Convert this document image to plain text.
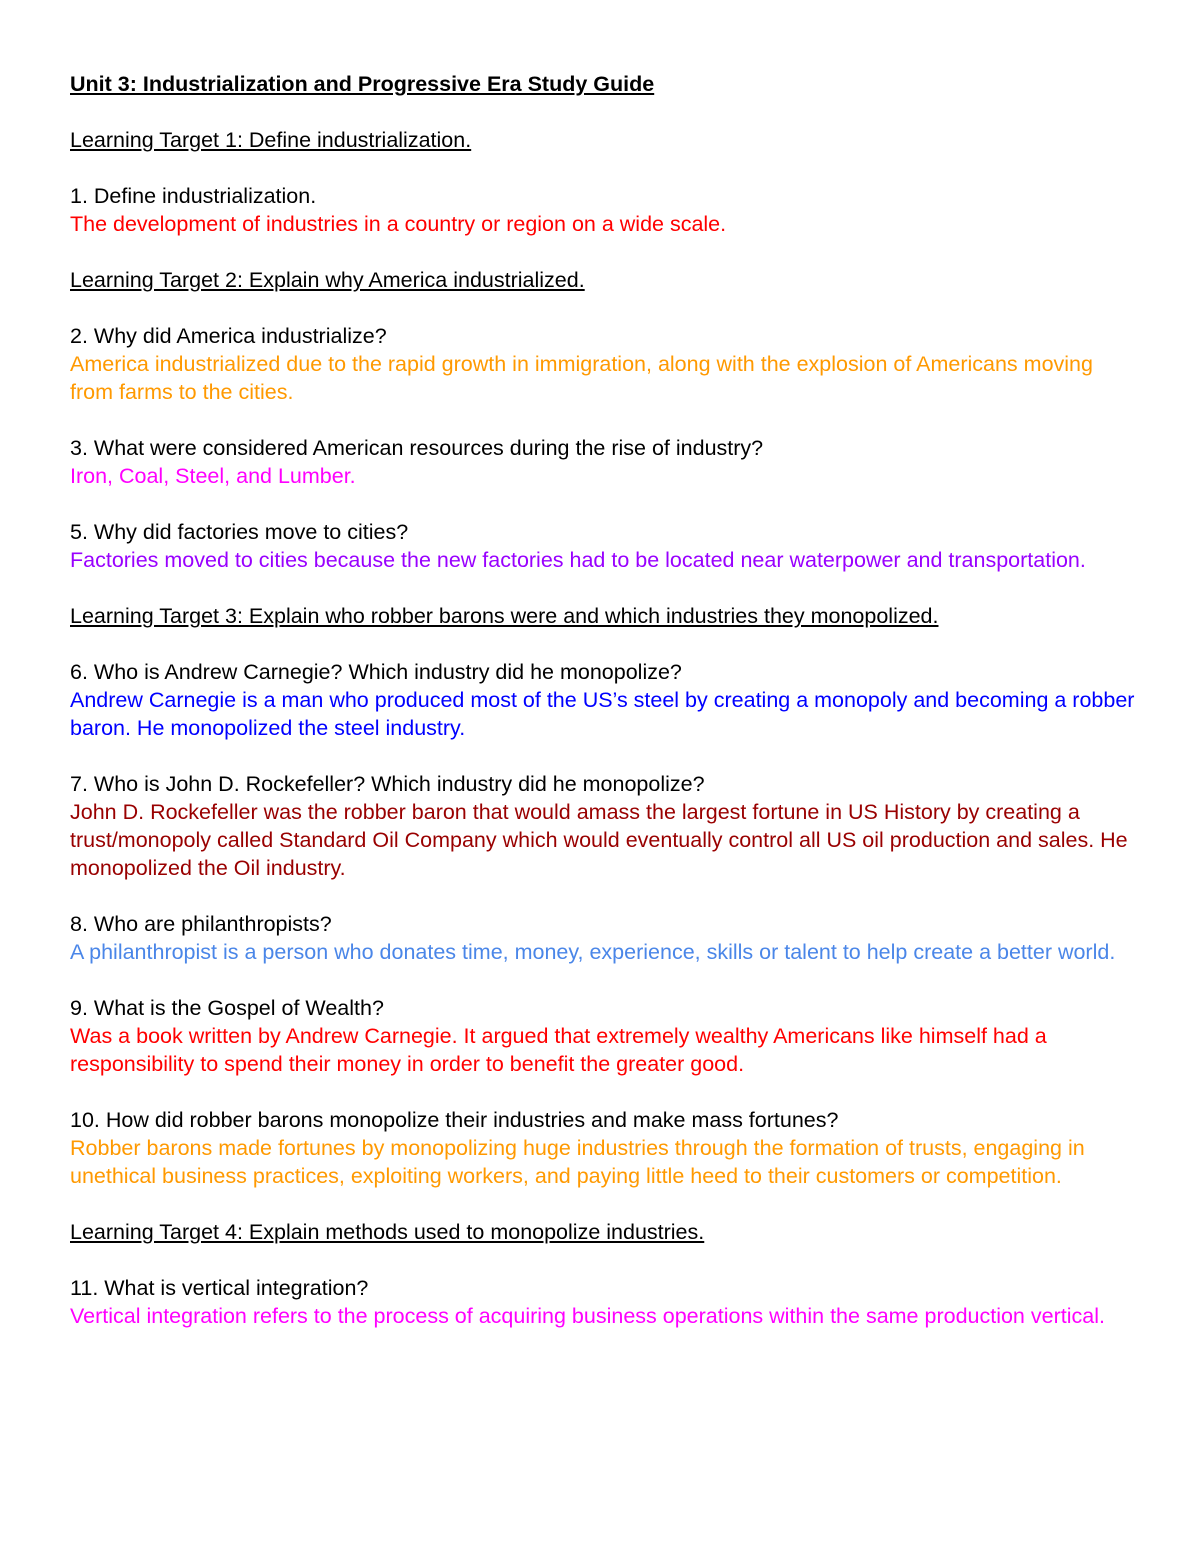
Unit 3: Industrialization and Progressive Era Study Guide

Learning Target 1: Define industrialization.

1. Define industrialization.

The development of industries in a country or region on a wide scale.

Learning Target 2: Explain why America industrialized.

2. Why did America industrialize?

America industrialized due to the rapid growth in immigration, along with the explosion of Americans moving from farms to the cities.

3. What were considered American resources during the rise of industry?

Iron, Coal, Steel, and Lumber.

5. Why did factories move to cities?

Factories moved to cities because the new factories had to be located near waterpower and transportation.

Learning Target 3: Explain who robber barons were and which industries they monopolized.

6. Who is Andrew Carnegie? Which industry did he monopolize?

Andrew Carnegie is a man who produced most of the US’s steel by creating a monopoly and becoming a robber baron. He monopolized the steel industry.

7. Who is John D. Rockefeller? Which industry did he monopolize?

John D. Rockefeller was the robber baron that would amass the largest fortune in US History by creating a trust/monopoly called Standard Oil Company which would eventually control all US oil production and sales. He monopolized the Oil industry.

8. Who are philanthropists?

A philanthropist is a person who donates time, money, experience, skills or talent to help create a better world.

9. What is the Gospel of Wealth?

Was a book written by Andrew Carnegie. It argued that extremely wealthy Americans like himself had a responsibility to spend their money in order to benefit the greater good.

10. How did robber barons monopolize their industries and make mass fortunes?

Robber barons made fortunes by monopolizing huge industries through the formation of trusts, engaging in unethical business practices, exploiting workers, and paying little heed to their customers or competition.

Learning Target 4: Explain methods used to monopolize industries.

11. What is vertical integration?

Vertical integration refers to the process of acquiring business operations within the same production vertical.
